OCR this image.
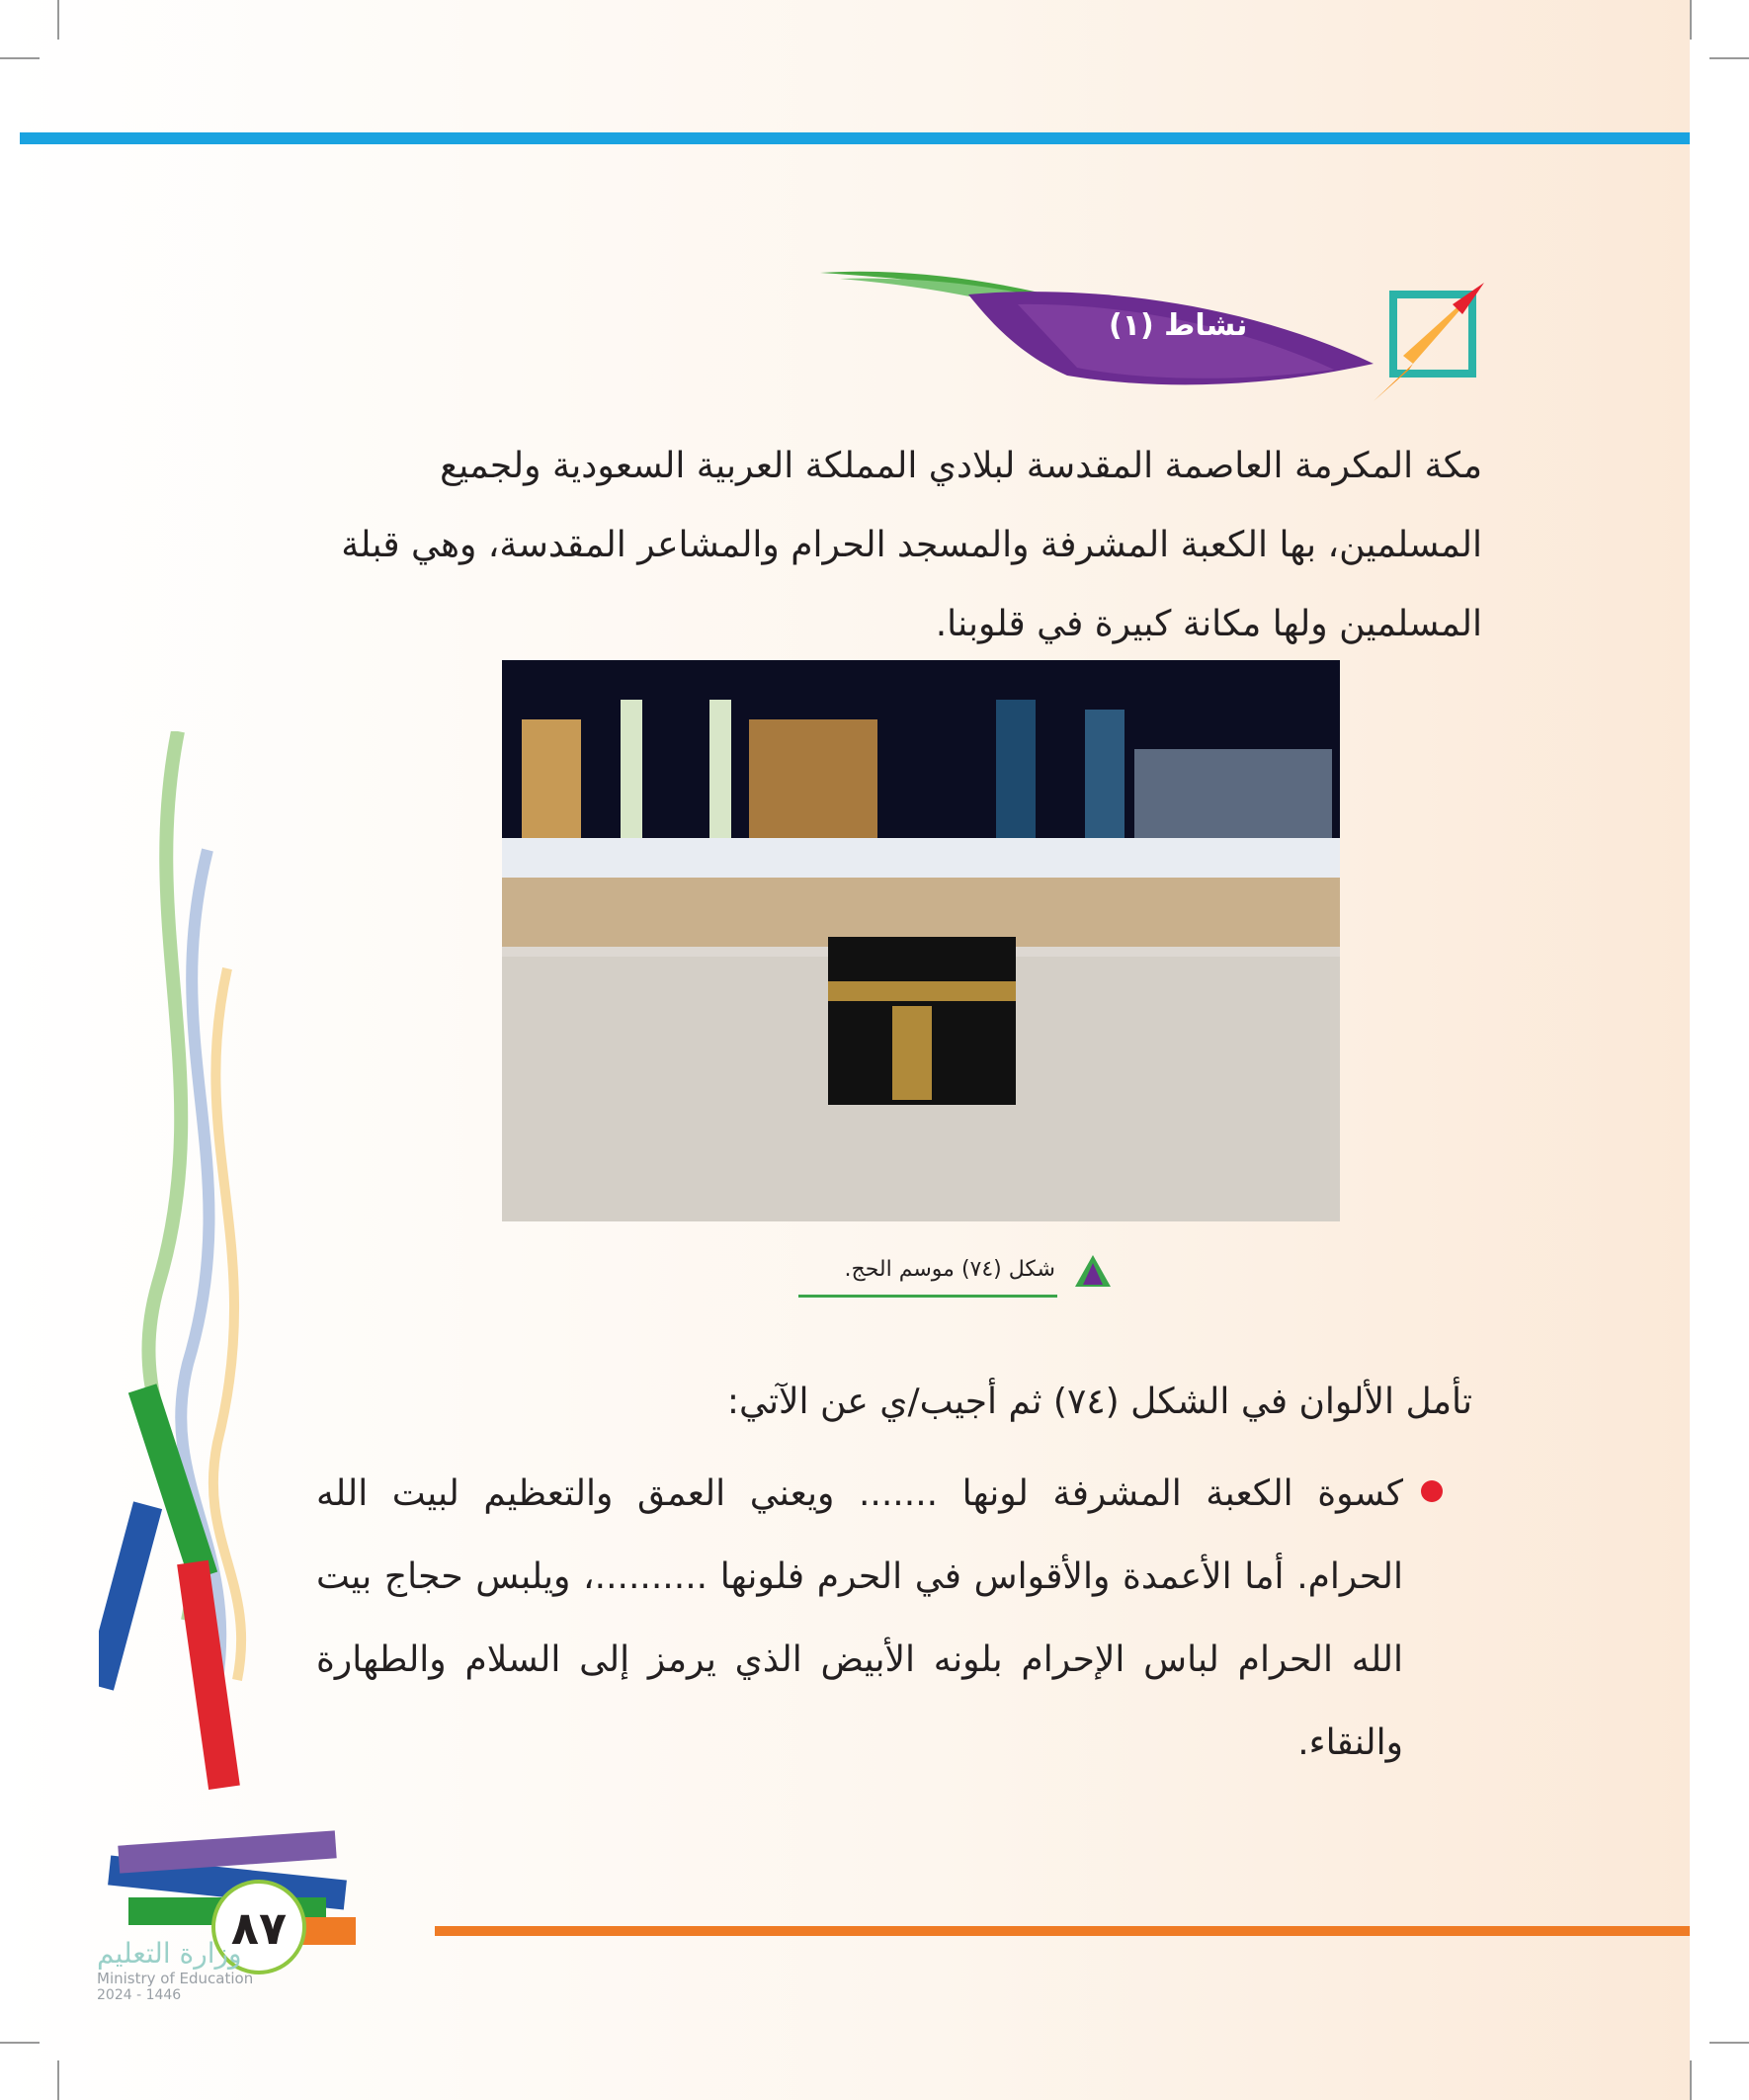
نشاط (١)
مكة المكرمة العاصمة المقدسة لبلادي المملكة العربية السعودية ولجميع المسلمين، بها الكعبة المشرفة والمسجد الحرام والمشاعر المقدسة، وهي قبلة المسلمين ولها مكانة كبيرة في قلوبنا.
شكل (٧٤) موسم الحج.
تأمل الألوان في الشكل (٧٤) ثم أجيب/ي عن الآتي:
كسوة الكعبة المشرفة لونها ....... ويعني العمق والتعظيم لبيت الله الحرام. أما الأعمدة والأقواس في الحرم فلونها ..........، ويلبس حجاج بيت الله الحرام لباس الإحرام بلونه الأبيض الذي يرمز إلى السلام والطهارة والنقاء.
٨٧
وزارة التعليم
Ministry of Education
2024 - 1446
